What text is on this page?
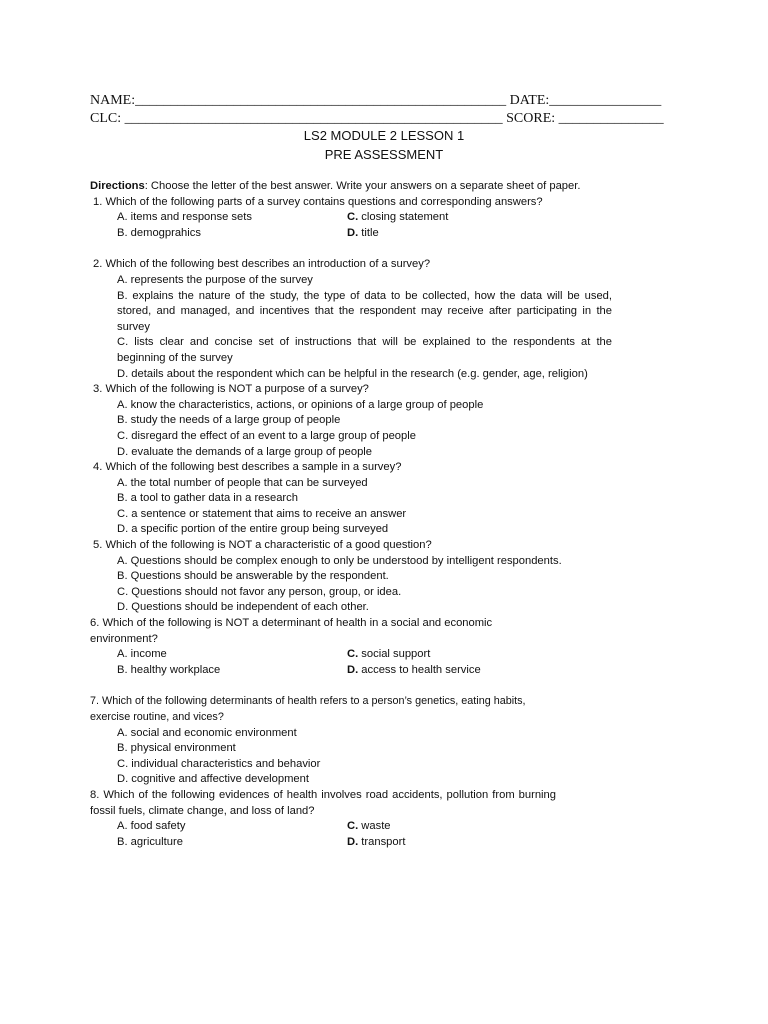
NAME:_____________________________________________________ DATE:________________
CLC: ______________________________________________________ SCORE: _______________
LS2 MODULE 2 LESSON 1
PRE ASSESSMENT

Directions: Choose the letter of the best answer. Write your answers on a separate sheet of paper.

1. Which of the following parts of a survey contains questions and corresponding answers?
A. items and response sets	C. closing statement
B. demogprahics	D. title
2. Which of the following best describes an introduction of a survey?
A. represents the purpose of the survey
B. explains the nature of the study, the type of data to be collected, how the data will be used, stored, and managed, and incentives that the respondent may receive after participating in the survey
C. lists clear and concise set of instructions that will be explained to the respondents at the beginning of the survey
D. details about the respondent which can be helpful in the research (e.g. gender, age, religion)
3. Which of the following is NOT a purpose of a survey?
A. know the characteristics, actions, or opinions of a large group of people
B. study the needs of a large group of people
C. disregard the effect of an event to a large group of people
D. evaluate the demands of a large group of people
4. Which of the following best describes a sample in a survey?
A. the total number of people that can be surveyed
B. a tool to gather data in a research
C. a sentence or statement that aims to receive an answer
D. a specific portion of the entire group being surveyed
5. Which of the following is NOT a characteristic of a good question?
A. Questions should be complex enough to only be understood by intelligent respondents.
B. Questions should be answerable by the respondent.
C. Questions should not favor any person, group, or idea.
D. Questions should be independent of each other.
6. Which of the following is NOT a determinant of health in a social and economic environment?
A. income	C. social support
B. healthy workplace	D. access to health service
7. Which of the following determinants of health refers to a person’s genetics, eating habits, exercise routine, and vices?
A. social and economic environment
B. physical environment
C. individual characteristics and behavior
D. cognitive and affective development
8. Which of the following evidences of health involves road accidents, pollution from burning fossil fuels, climate change, and loss of land?
A. food safety	C. waste
B. agriculture	D. transport
